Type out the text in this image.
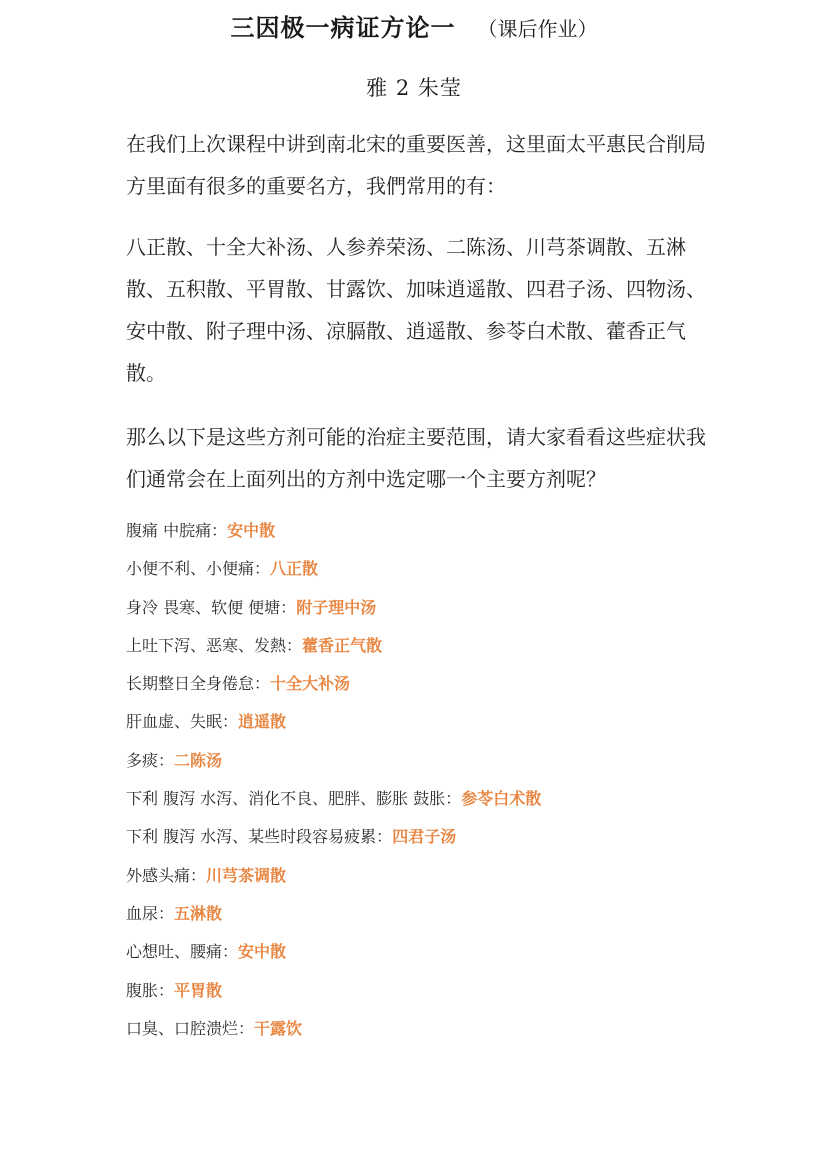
三因极一病证方论一 （课后作业）
雅 2 朱莹
在我们上次课程中讲到南北宋的重要医善，这里面太平惠民合削局方里面有很多的重要名方，我們常用的有：
八正散、十全大补汤、人参养荣汤、二陈汤、川芎茶调散、五淋散、五积散、平胃散、甘露饮、加味逍遥散、四君子汤、四物汤、安中散、附子理中汤、凉膈散、逍遥散、参苓白术散、藿香正气散。
那么以下是这些方剂可能的治症主要范围，请大家看看这些症状我们通常会在上面列出的方剂中选定哪一个主要方剂呢？
腹痛 中脘痛：安中散
小便不利、小便痛：八正散
身冷 畏寒、软便 便塘：附子理中汤
上吐下泻、恶寒、发熱：藿香正气散
长期整日全身倦怠：十全大补汤
肝血虚、失眠：逍遥散
多痰：二陈汤
下利 腹泻 水泻、消化不良、肥胖、膨胀 鼓胀：参苓白术散
下利 腹泻 水泻、某些时段容易疲累：四君子汤
外感头痛：川芎茶调散
血尿：五淋散
心想吐、腰痛：安中散
腹胀：平胃散
口臭、口腔溃烂：干露饮
